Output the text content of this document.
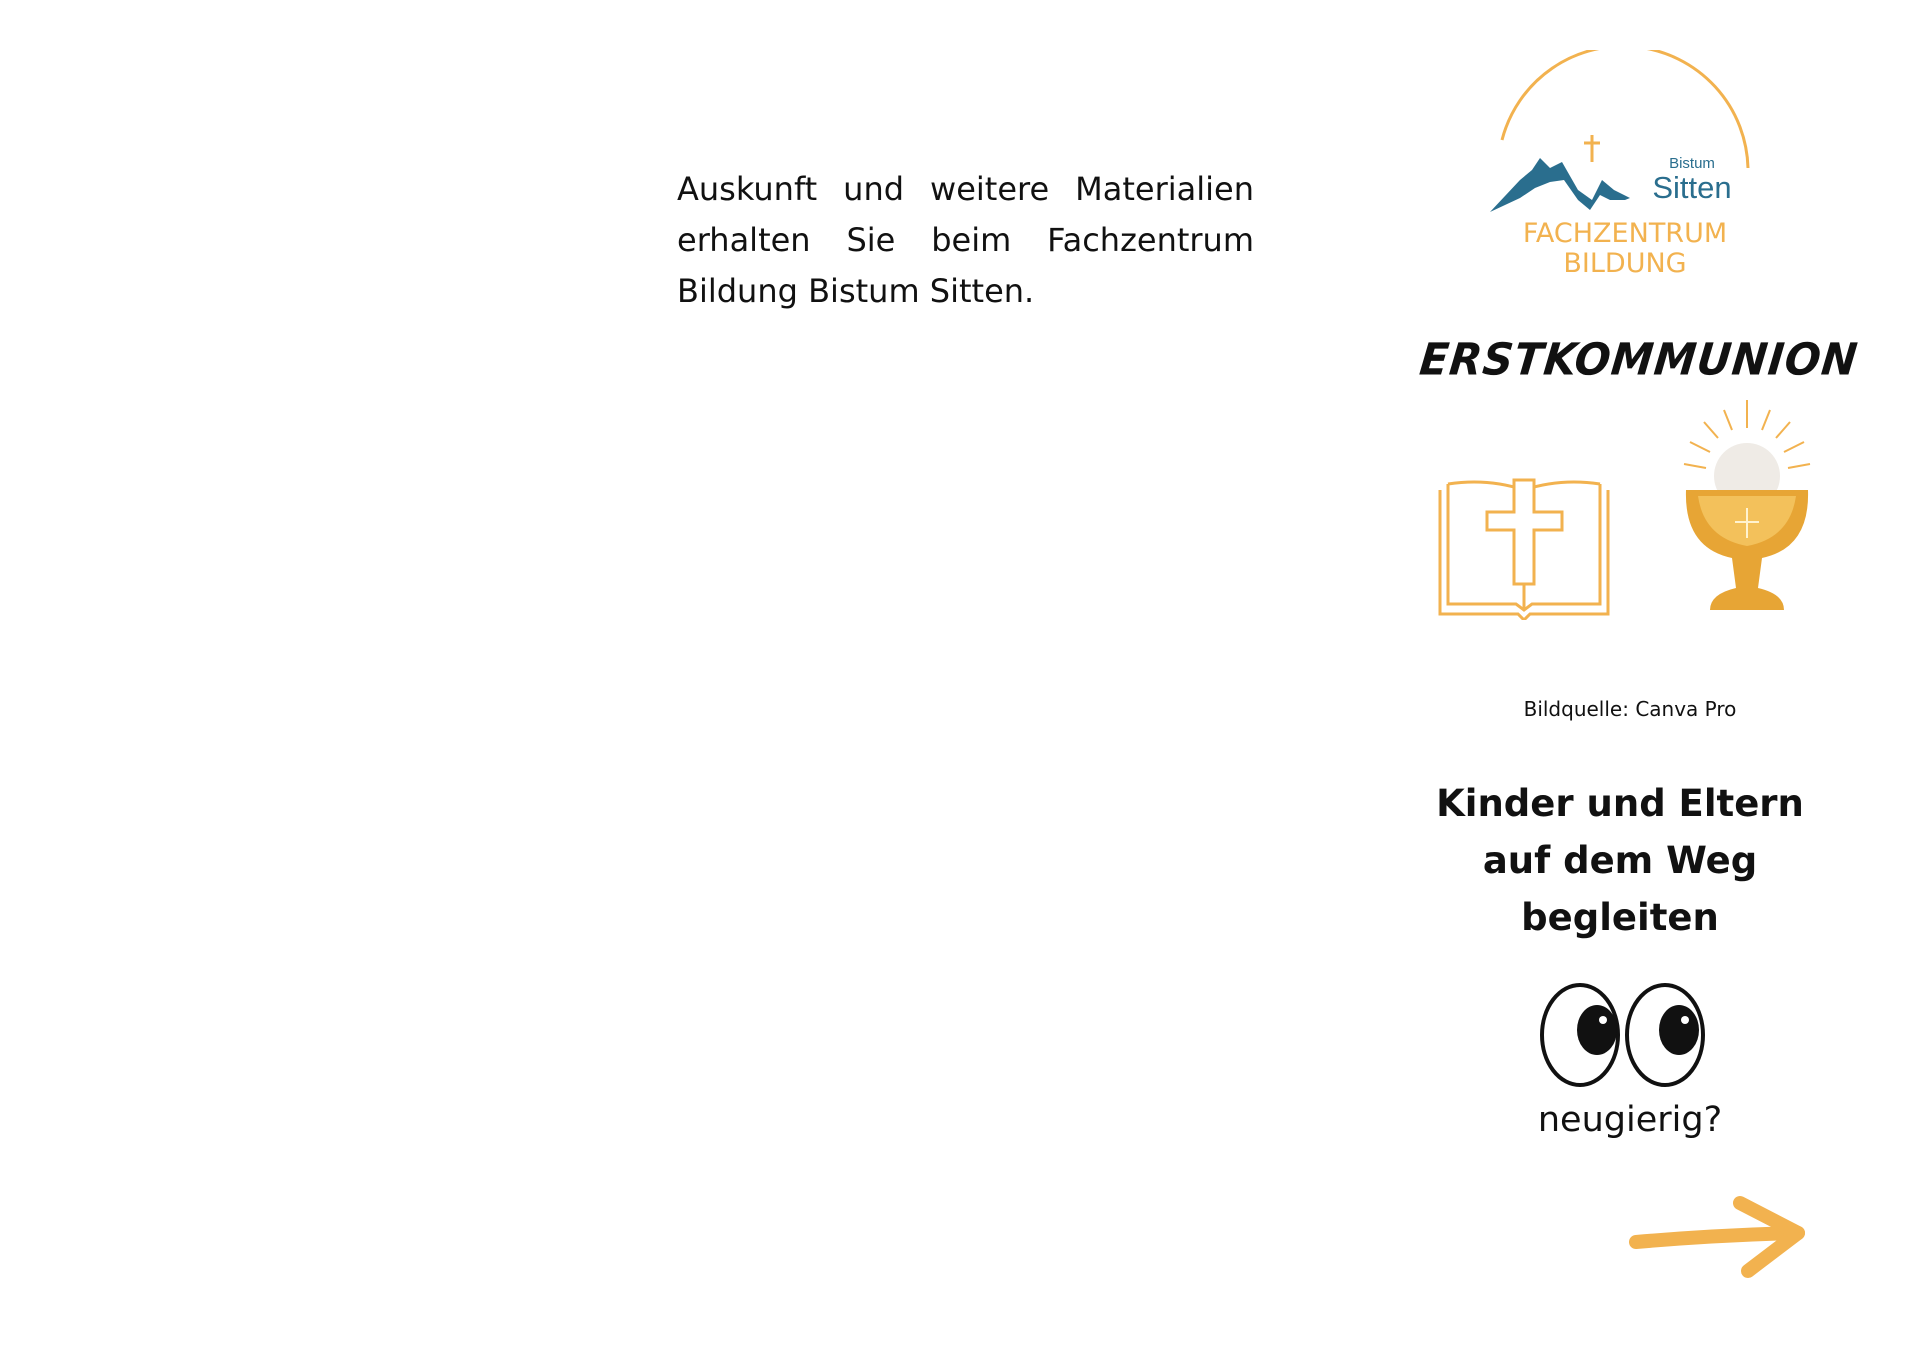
Auskunft und weitere Materialien erhalten Sie beim Fachzentrum Bildung Bistum Sitten.

Bistum
Sitten
FACHZENTRUM
BILDUNG
ERSTKOMMUNION
Bildquelle: Canva Pro
Kinder und Eltern
auf dem Weg
begleiten
neugierig?
